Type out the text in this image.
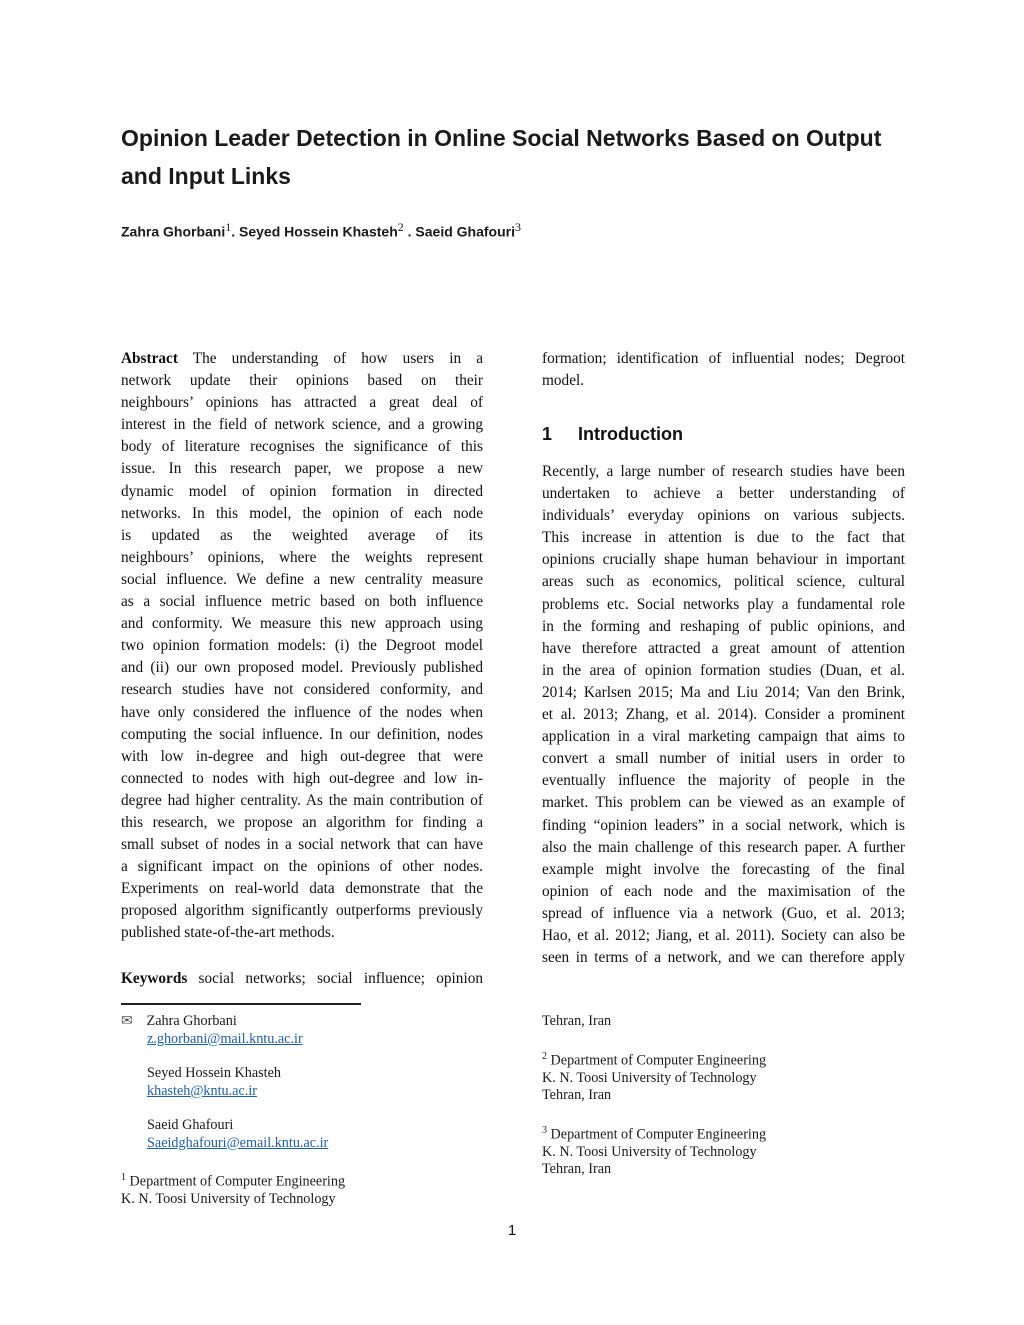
Opinion Leader Detection in Online Social Networks Based on Output
and Input Links
Zahra Ghorbani$^1$. Seyed Hossein Khasteh$^2$ . Saeid Ghafouri$^3$
Abstract The understanding of how users in a
network update their opinions based on their
neighbours’ opinions has attracted a great deal of
interest in the field of network science, and a growing
body of literature recognises the significance of this
issue. In this research paper, we propose a new
dynamic model of opinion formation in directed
networks. In this model, the opinion of each node
is updated as the weighted average of its
neighbours’ opinions, where the weights represent
social influence. We define a new centrality measure
as a social influence metric based on both influence
and conformity. We measure this new approach using
two opinion formation models: (i) the Degroot model
and (ii) our own proposed model. Previously published
research studies have not considered conformity, and
have only considered the influence of the nodes when
computing the social influence. In our definition, nodes
with low in-degree and high out-degree that were
connected to nodes with high out-degree and low in-
degree had higher centrality. As the main contribution of
this research, we propose an algorithm for finding a
small subset of nodes in a social network that can have
a significant impact on the opinions of other nodes.
Experiments on real-world data demonstrate that the
proposed algorithm significantly outperforms previously
published state-of-the-art methods.
Keywords social networks; social influence; opinion
formation; identification of influential nodes; Degroot
model.
1 Introduction
Recently, a large number of research studies have been
undertaken to achieve a better understanding of
individuals’ everyday opinions on various subjects.
This increase in attention is due to the fact that
opinions crucially shape human behaviour in important
areas such as economics, political science, cultural
problems etc. Social networks play a fundamental role
in the forming and reshaping of public opinions, and
have therefore attracted a great amount of attention
in the area of opinion formation studies (Duan, et al.
2014; Karlsen 2015; Ma and Liu 2014; Van den Brink,
et al. 2013; Zhang, et al. 2014). Consider a prominent
application in a viral marketing campaign that aims to
convert a small number of initial users in order to
eventually influence the majority of people in the
market. This problem can be viewed as an example of
finding “opinion leaders” in a social network, which is
also the main challenge of this research paper. A further
example might involve the forecasting of the final
opinion of each node and the maximisation of the
spread of influence via a network (Guo, et al. 2013;
Hao, et al. 2012; Jiang, et al. 2011). Society can also be
seen in terms of a network, and we can therefore apply
✉ Zahra Ghorbani
z.ghorbani@mail.kntu.ac.ir
Seyed Hossein Khasteh
khasteh@kntu.ac.ir
Saeid Ghafouri
Saeidghafouri@email.kntu.ac.ir
$^1$ Department of Computer Engineering
K. N. Toosi University of Technology
Tehran, Iran
$^2$ Department of Computer Engineering
K. N. Toosi University of Technology
Tehran, Iran
$^3$ Department of Computer Engineering
K. N. Toosi University of Technology
Tehran, Iran
1
